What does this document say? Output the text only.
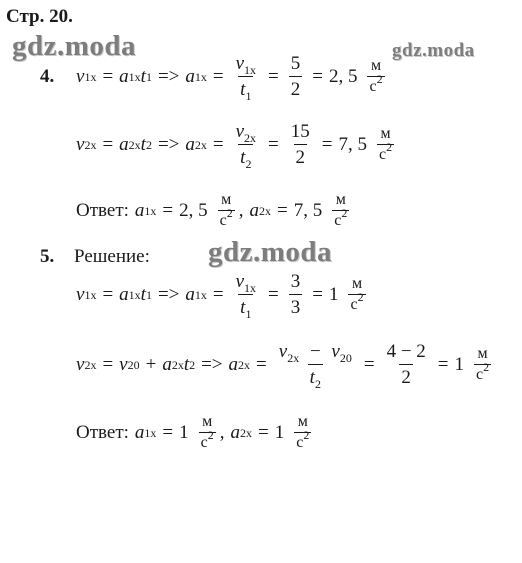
Стр. 20.
gdz.moda	gdz.moda
gdz.moda
4. v 1x = a 1x t 1 => a $1x = \frac{v_{1x}}{t_1} = \frac{5}{2} = 2$, $5 \frac{м}{с^2}$
v 2x = a 2x t 2 => a $2x = \frac{v_{2x}}{t_2} = \frac{15}{2} = 7$, $5 \frac{м}{с^2}$
Ответ: a 1x = 2, $5 \frac{м}{с^2}$ , a 2x = 7, $5 \frac{м}{с^2}$
5. Решение:
v 1x = a 1x t 1 => a $1x = \frac{v_{1x}}{t_1} = \frac{3}{3} = 1 \frac{м}{с^2}$
v 2x = v 20 + a 2x t 2 => a $2x = \frac{v_{2x} - v_{20}}{t_2} = \frac{4 - 2}{2} = 1 \frac{м}{с^2}$
Ответ: a $1x = 1 \frac{м}{с^2}$ , a $2x = 1 \frac{м}{с^2}$
